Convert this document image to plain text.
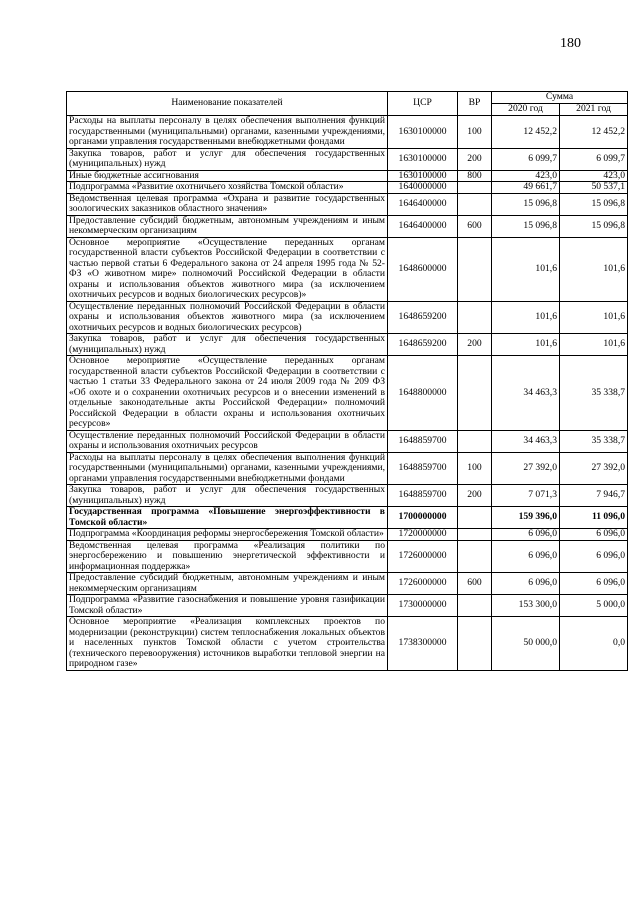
180
Наименование показателей	ЦСР	ВР	Сумма	
			2020 год	2021 год
Расходы на выплаты персоналу в целях обеспечения выполнения функций государственными (муниципальными) органами, казенными учреждениями, органами управления государственными внебюджетными фондами	1630100000	100	12 452,2	12 452,2
Закупка товаров, работ и услуг для обеспечения государственных (муниципальных) нужд	1630100000	200	6 099,7	6 099,7
Иные бюджетные ассигнования	1630100000	800	423,0	423,0
Подпрограмма «Развитие охотничьего хозяйства Томской области»	1640000000		49 661,7	50 537,1
Ведомственная целевая программа «Охрана и развитие государственных зоологических заказников областного значения»	1646400000		15 096,8	15 096,8
Предоставление субсидий бюджетным, автономным учреждениям и иным некоммерческим организациям	1646400000	600	15 096,8	15 096,8
Основное мероприятие «Осуществление переданных органам государственной власти субъектов Российской Федерации в соответствии с частью первой статьи 6 Федерального закона от 24 апреля 1995 года № 52-ФЗ «О животном мире» полномочий Российской Федерации в области охраны и использования объектов животного мира (за исключением охотничьих ресурсов и водных биологических ресурсов)»	1648600000		101,6	101,6
Осуществление переданных полномочий Российской Федерации в области охраны и использования объектов животного мира (за исключением охотничьих ресурсов и водных биологических ресурсов)	1648659200		101,6	101,6
Закупка товаров, работ и услуг для обеспечения государственных (муниципальных) нужд	1648659200	200	101,6	101,6
Основное мероприятие «Осуществление переданных органам государственной власти субъектов Российской Федерации в соответствии с частью 1 статьи 33 Федерального закона от 24 июля 2009 года № 209 ФЗ «Об охоте и о сохранении охотничьих ресурсов и о внесении изменений в отдельные законодательные акты Российской Федерации» полномочий Российской Федерации в области охраны и использования охотничьих ресурсов»	1648800000		34 463,3	35 338,7
Осуществление переданных полномочий Российской Федерации в области охраны и использования охотничьих ресурсов	1648859700		34 463,3	35 338,7
Расходы на выплаты персоналу в целях обеспечения выполнения функций государственными (муниципальными) органами, казенными учреждениями, органами управления государственными внебюджетными фондами	1648859700	100	27 392,0	27 392,0
Закупка товаров, работ и услуг для обеспечения государственных (муниципальных) нужд	1648859700	200	7 071,3	7 946,7
Государственная программа «Повышение энергоэффективности в Томской области»	1700000000		159 396,0	11 096,0
Подпрограмма «Координация реформы энергосбережения Томской области»	1720000000		6 096,0	6 096,0
Ведомственная целевая программа «Реализация политики по энергосбережению и повышению энергетической эффективности и информационная поддержка»	1726000000		6 096,0	6 096,0
Предоставление субсидий бюджетным, автономным учреждениям и иным некоммерческим организациям	1726000000	600	6 096,0	6 096,0
Подпрограмма «Развитие газоснабжения и повышение уровня газификации Томской области»	1730000000		153 300,0	5 000,0
Основное мероприятие «Реализация комплексных проектов по модернизации (реконструкции) систем теплоснабжения локальных объектов и населенных пунктов Томской области с учетом строительства (технического перевооружения) источников выработки тепловой энергии на природном газе»	1738300000		50 000,0	0,0
